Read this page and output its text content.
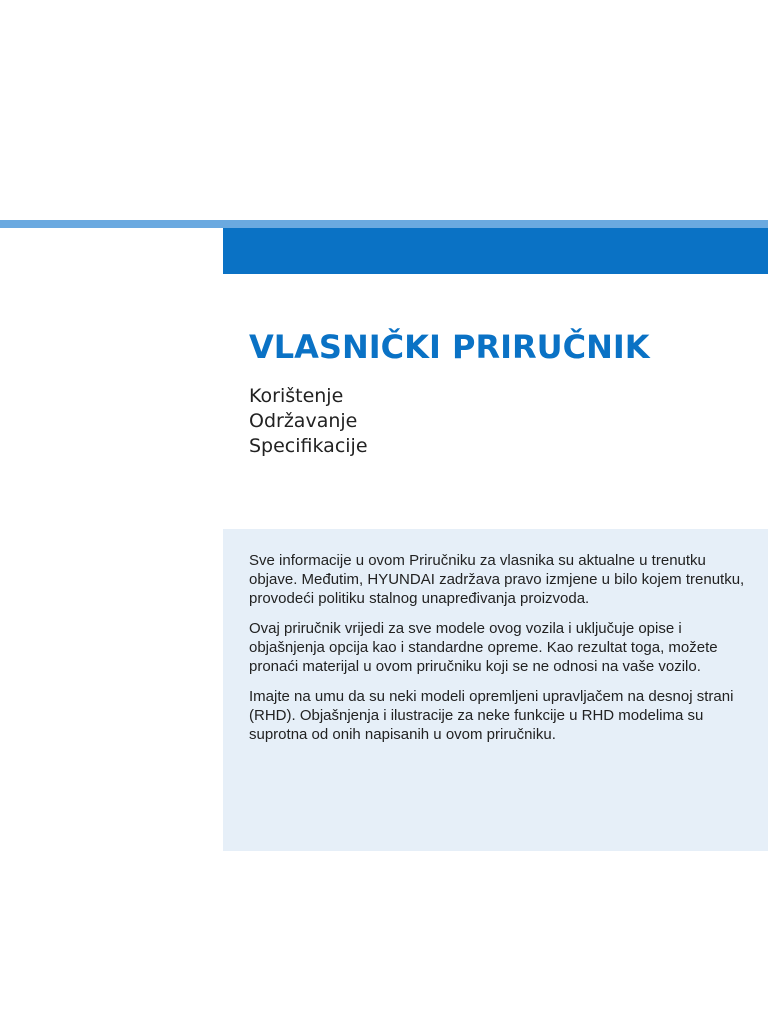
VLASNIČKI PRIRUČNIK
Korištenje
Održavanje
Specifikacije

Sve informacije u ovom Priručniku za vlasnika su aktualne u trenutku objave. Međutim, HYUNDAI zadržava pravo izmjene u bilo kojem trenutku, provodeći politiku stalnog unapređivanja proizvoda.

Ovaj priručnik vrijedi za sve modele ovog vozila i uključuje opise i objašnjenja opcija kao i standardne opreme. Kao rezultat toga, možete pronaći materijal u ovom priručniku koji se ne odnosi na vaše vozilo.

Imajte na umu da su neki modeli opremljeni upravljačem na desnoj strani (RHD). Objašnjenja i ilustracije za neke funkcije u RHD modelima su suprotna od onih napisanih u ovom priručniku.
